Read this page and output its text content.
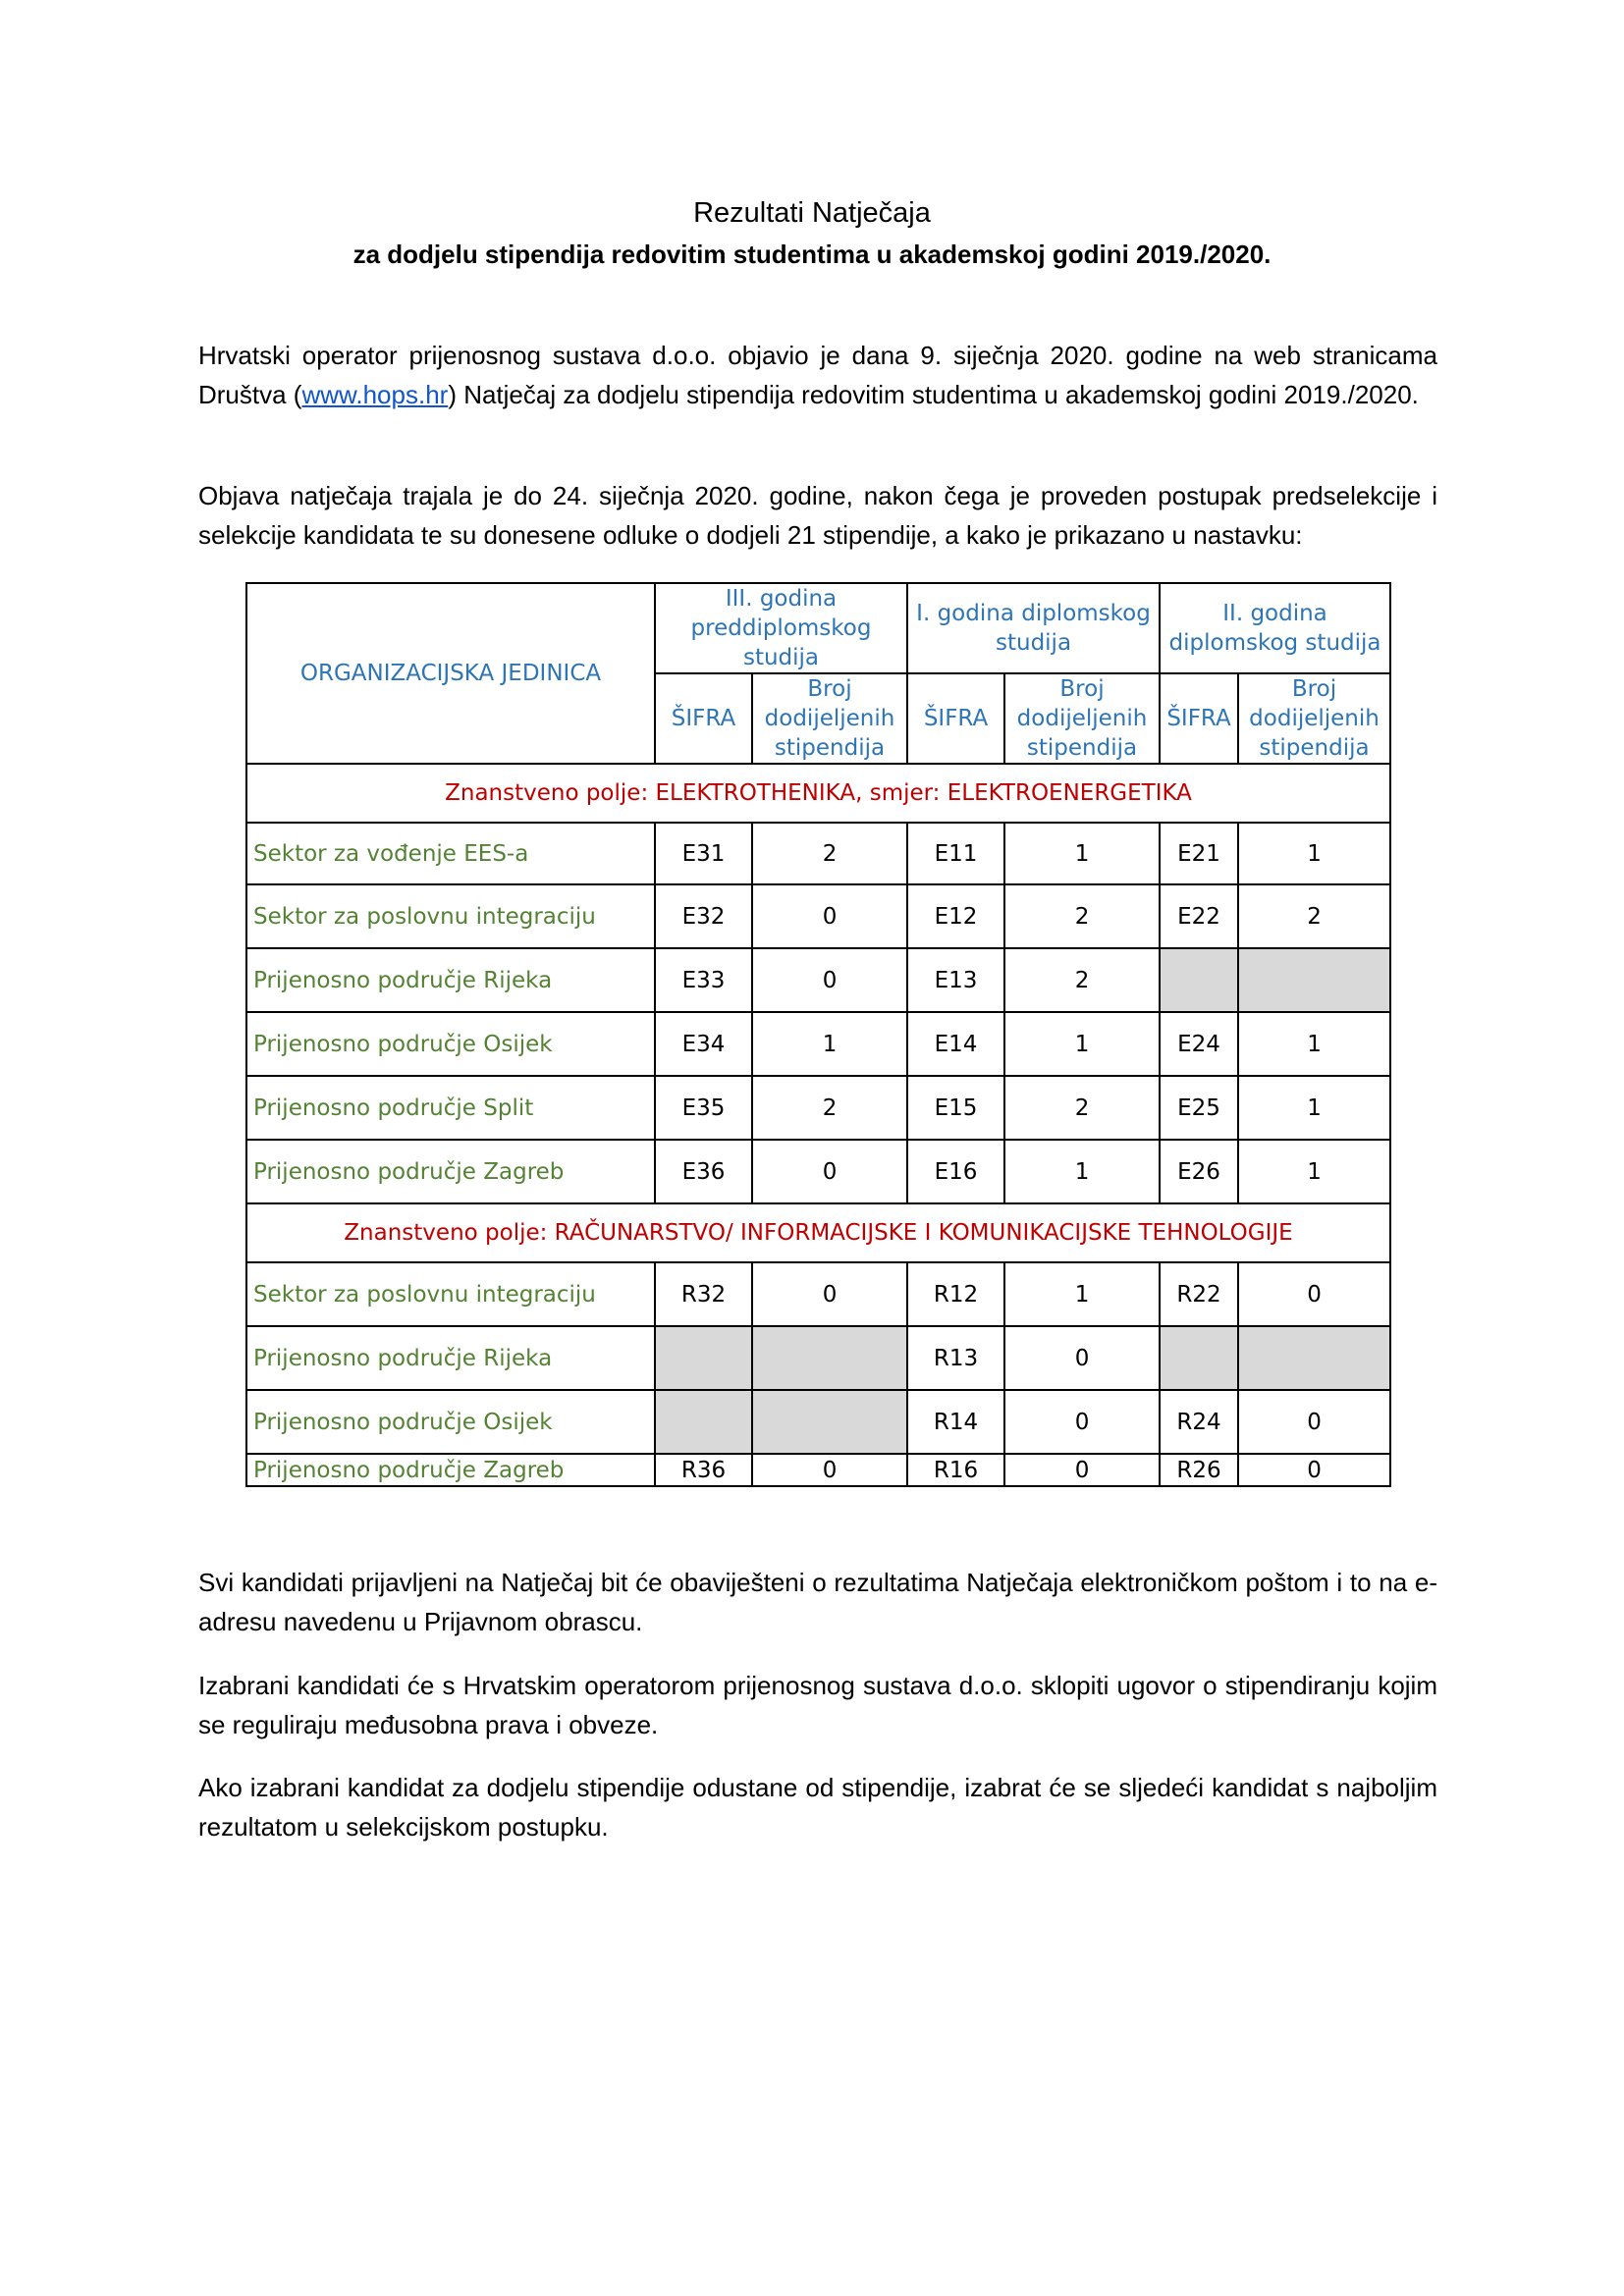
Rezultati Natječaja
za dodjelu stipendija redovitim studentima u akademskoj godini 2019./2020.
Hrvatski operator prijenosnog sustava d.o.o. objavio je dana 9. siječnja 2020. godine na web stranicama Društva (www.hops.hr) Natječaj za dodjelu stipendija redovitim studentima u akademskoj godini 2019./2020.
Objava natječaja trajala je do 24. siječnja 2020. godine, nakon čega je proveden postupak predselekcije i selekcije kandidata te su donesene odluke o dodjeli 21 stipendije, a kako je prikazano u nastavku:
ORGANIZACIJSKA JEDINICA	III. godina preddiplomskog studija		I. godina diplomskog studija		II. godina diplomskog studija	
	ŠIFRA	Broj dodijeljenih stipendija	ŠIFRA	Broj dodijeljenih stipendija	ŠIFRA	Broj dodijeljenih stipendija
Znanstveno polje: ELEKTROTHENIKA, smjer: ELEKTROENERGETIKA						
Sektor za vođenje EES-a	E31	2	E11	1	E21	1
Sektor za poslovnu integraciju	E32	0	E12	2	E22	2
Prijenosno područje Rijeka	E33	0	E13	2		
Prijenosno područje Osijek	E34	1	E14	1	E24	1
Prijenosno područje Split	E35	2	E15	2	E25	1
Prijenosno područje Zagreb	E36	0	E16	1	E26	1
Znanstveno polje: RAČUNARSTVO/ INFORMACIJSKE I KOMUNIKACIJSKE TEHNOLOGIJE						
Sektor za poslovnu integraciju	R32	0	R12	1	R22	0
Prijenosno područje Rijeka			R13	0		
Prijenosno područje Osijek			R14	0	R24	0
Prijenosno područje Zagreb	R36	0	R16	0	R26	0
Svi kandidati prijavljeni na Natječaj bit će obaviješteni o rezultatima Natječaja elektroničkom poštom i to na e-adresu navedenu u Prijavnom obrascu.
Izabrani kandidati će s Hrvatskim operatorom prijenosnog sustava d.o.o. sklopiti ugovor o stipendiranju kojim se reguliraju međusobna prava i obveze.
Ako izabrani kandidat za dodjelu stipendije odustane od stipendije, izabrat će se sljedeći kandidat s najboljim rezultatom u selekcijskom postupku.
